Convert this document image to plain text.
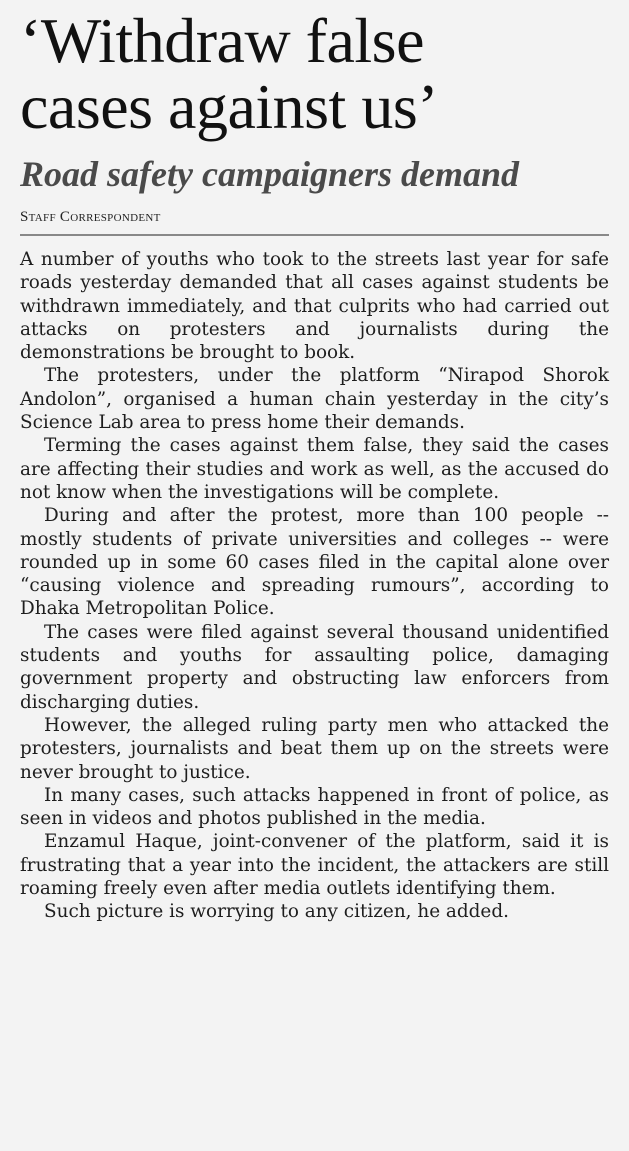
‘Withdraw false
cases against us’
Road safety campaigners demand
Staff Correspondent

A number of youths who took to the streets last year for safe roads yesterday demanded that all cases against students be withdrawn immediately, and that culprits who had carried out attacks on protesters and journalists during the demonstrations be brought to book.

The protesters, under the platform “Nirapod Shorok Andolon”, organised a human chain yesterday in the city’s Science Lab area to press home their demands.

Terming the cases against them false, they said the cases are affecting their studies and work as well, as the accused do not know when the investigations will be complete.

During and after the protest, more than 100 people -- mostly students of private universities and colleges -- were rounded up in some 60 cases filed in the capital alone over “causing violence and spreading rumours”, according to Dhaka Metropolitan Police.

The cases were filed against several thousand unidentified students and youths for assaulting police, damaging government property and obstructing law enforcers from discharging duties.

However, the alleged ruling party men who attacked the protesters, journalists and beat them up on the streets were never brought to justice.

In many cases, such attacks happened in front of police, as seen in videos and photos published in the media.

Enzamul Haque, joint-convener of the platform, said it is frustrating that a year into the incident, the attackers are still roaming freely even after media outlets identifying them.

Such picture is worrying to any citizen, he added.
